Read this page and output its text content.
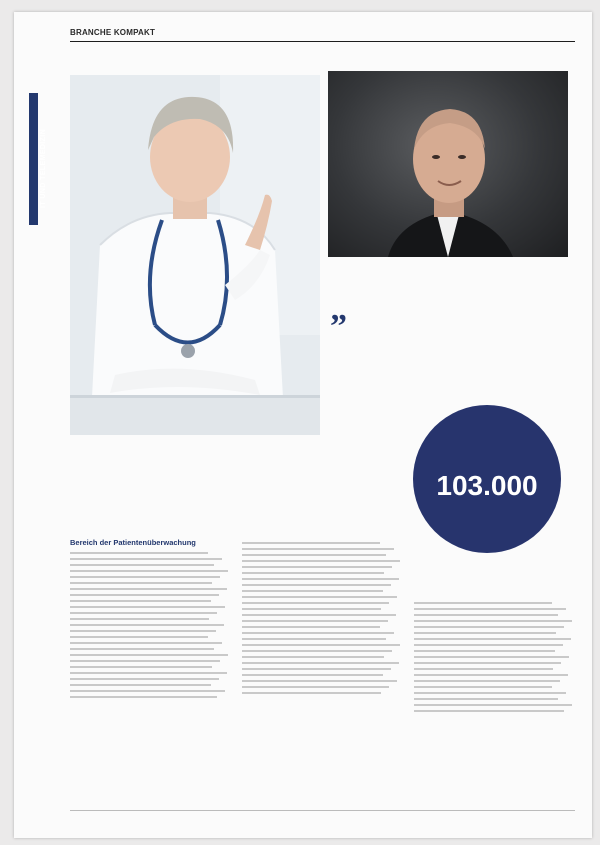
BRANCHE KOMPAKT
IT UND TELEMEDIZIN
”
103.000
Bereich der Patientenüberwachung
